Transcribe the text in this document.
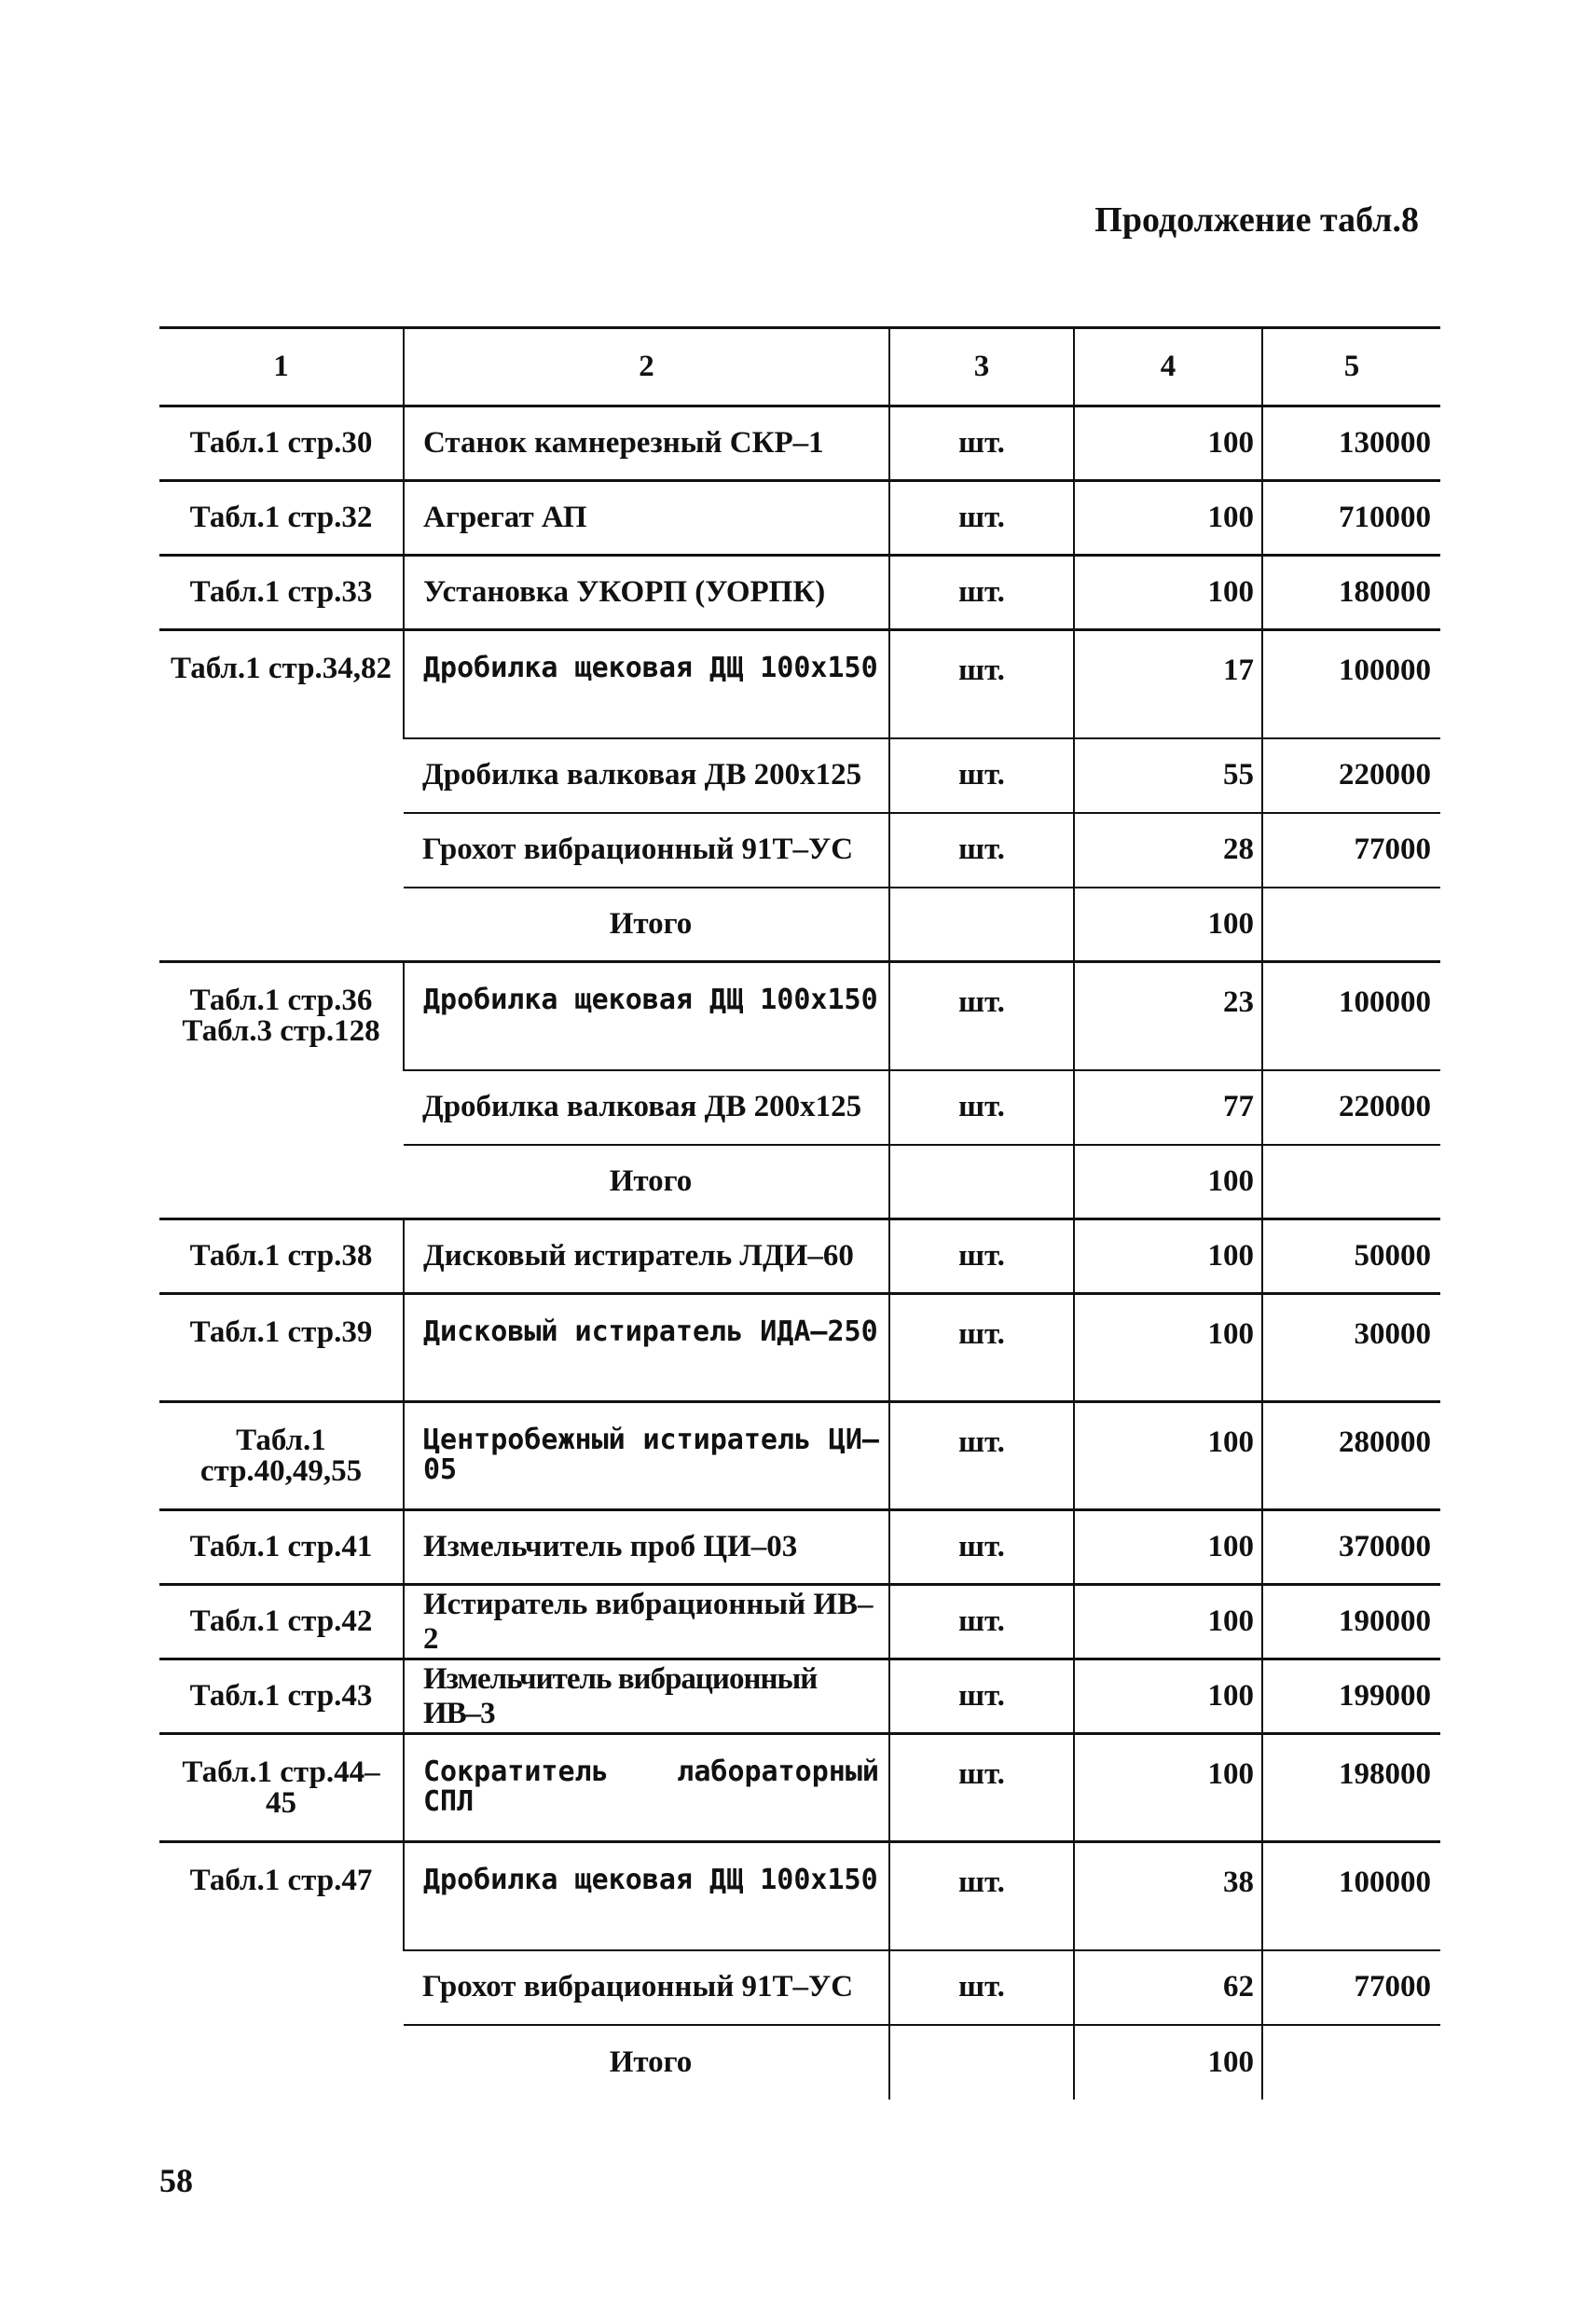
Продолжение табл.8
1	2	3	4	5
Табл.1 стр.30	Станок камнерезный СКР–1	шт.	100	130000
Табл.1 стр.32	Агрегат АП	шт.	100	710000
Табл.1 стр.33	Установка УКОРП (УОРПК)	шт.	100	180000
Табл.1 стр.34,82	Дробилка щековая ДЩ 100х150	шт.	17	100000
	Дробилка валковая ДВ 200х125	шт.	55	220000
	Грохот вибрационный 91Т–УС	шт.	28	77000
	Итого		100	
Табл.1 стр.36 Табл.3 стр.128	Дробилка щековая ДЩ 100х150	шт.	23	100000
	Дробилка валковая ДВ 200х125	шт.	77	220000
	Итого		100	
Табл.1 стр.38	Дисковый истиратель ЛДИ–60	шт.	100	50000
Табл.1 стр.39	Дисковый истиратель ИДА–250	шт.	100	30000
Табл.1 стр.40,49,55	Центробежный истиратель ЦИ–05	шт.	100	280000
Табл.1 стр.41	Измельчитель проб ЦИ–03	шт.	100	370000
Табл.1 стр.42	Истиратель вибрационный ИВ–2	шт.	100	190000
Табл.1 стр.43	Измельчитель вибрационный ИВ–3	шт.	100	199000
Табл.1 стр.44–45	Сократитель лабораторный СПЛ	шт.	100	198000
Табл.1 стр.47	Дробилка щековая ДЩ 100х150	шт.	38	100000
	Грохот вибрационный 91Т–УС	шт.	62	77000
	Итого		100	
58
